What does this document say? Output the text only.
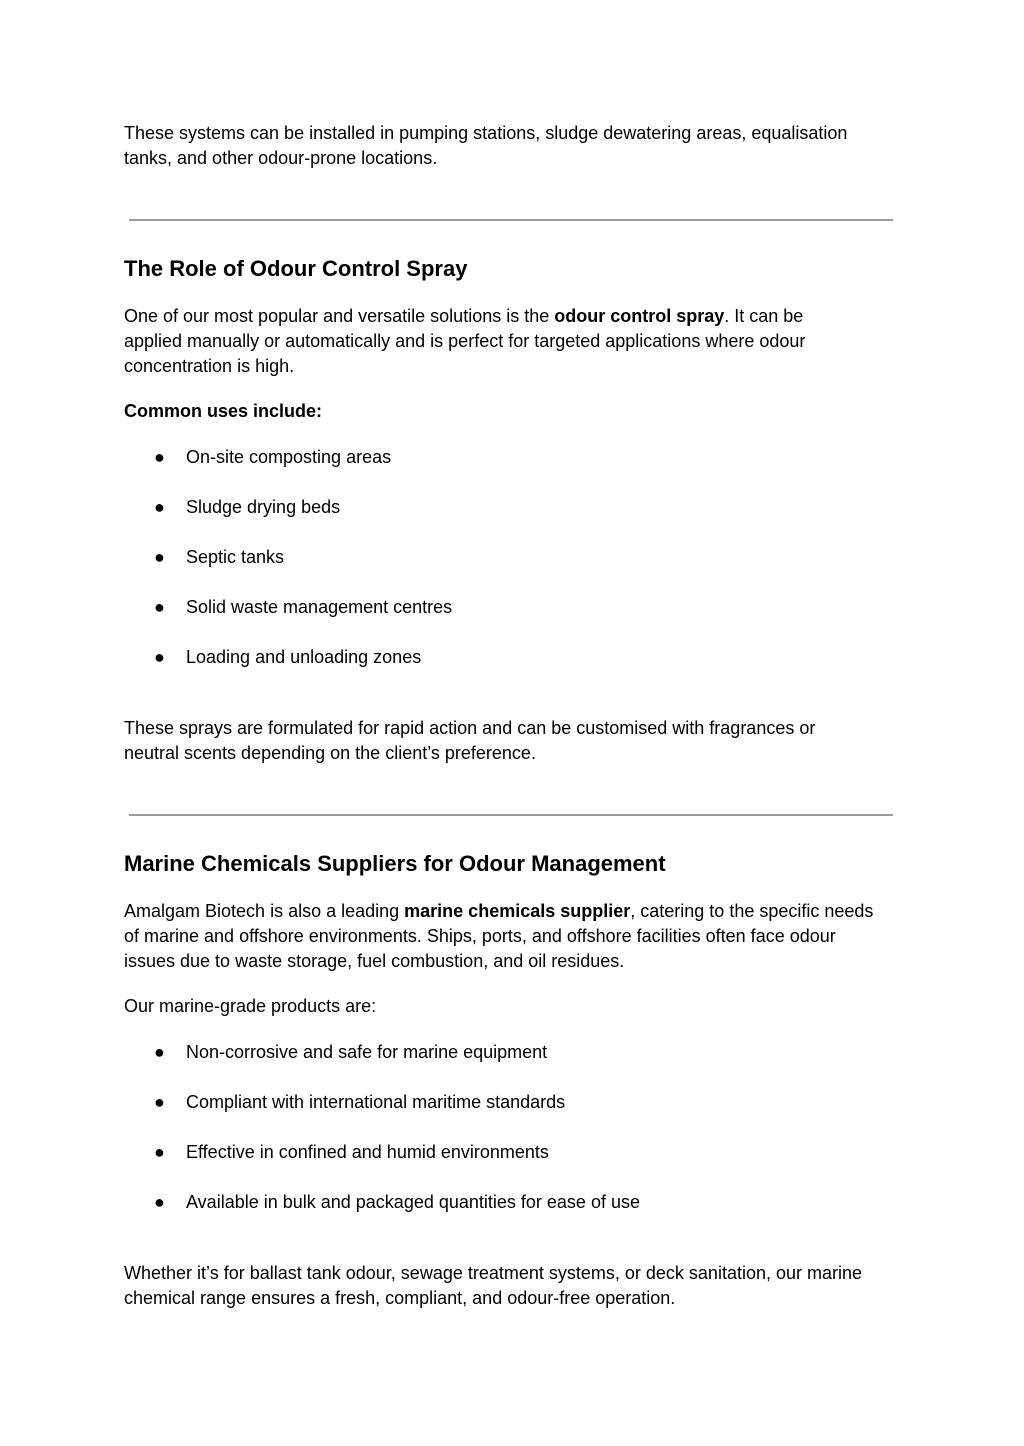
These systems can be installed in pumping stations, sludge dewatering areas, equalisation tanks, and other odour-prone locations.

The Role of Odour Control Spray

One of our most popular and versatile solutions is the odour control spray. It can be applied manually or automatically and is perfect for targeted applications where odour concentration is high.

Common uses include:

● On-site composting areas
● Sludge drying beds
● Septic tanks
● Solid waste management centres
● Loading and unloading zones

These sprays are formulated for rapid action and can be customised with fragrances or neutral scents depending on the client’s preference.

Marine Chemicals Suppliers for Odour Management

Amalgam Biotech is also a leading marine chemicals supplier, catering to the specific needs of marine and offshore environments. Ships, ports, and offshore facilities often face odour issues due to waste storage, fuel combustion, and oil residues.

Our marine-grade products are:

● Non-corrosive and safe for marine equipment
● Compliant with international maritime standards
● Effective in confined and humid environments
● Available in bulk and packaged quantities for ease of use

Whether it’s for ballast tank odour, sewage treatment systems, or deck sanitation, our marine chemical range ensures a fresh, compliant, and odour-free operation.
